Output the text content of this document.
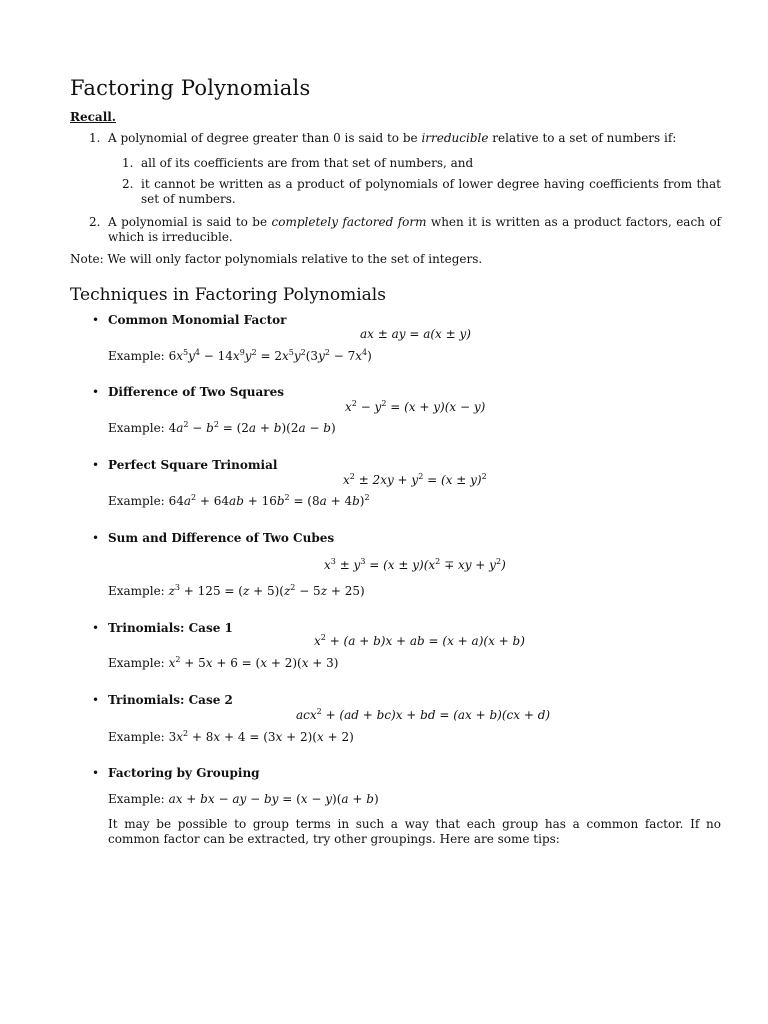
Factoring Polynomials
Recall.
1. A polynomial of degree greater than 0 is said to be irreducible relative to a set of numbers if:
1. all of its coefficients are from that set of numbers, and
2. it cannot be written as a product of polynomials of lower degree having coefficients from that set of numbers.
2. A polynomial is said to be completely factored form when it is written as a product factors, each of which is irreducible.
Note: We will only factor polynomials relative to the set of integers.
Techniques in Factoring Polynomials
• Common Monomial Factor
ax ± ay = a(x ± y)
Example: $6x^5y^4 - 14x^9y^2 = 2x^5y^2(3y^2 - 7x^4)$
• Difference of Two Squares
$x^2 - y^2 = (x + y)(x - y)$
Example: $4a^2 - b^2 = (2a + b)(2a - b)$
• Perfect Square Trinomial
$x^2 \pm 2xy + y^2 = (x \pm y)^2$
Example: $64a^2 + 64ab + 16b^2 = (8a + 4b)^2$
• Sum and Difference of Two Cubes
$x^3 \pm y^3 = (x \pm y)(x^2$ ∓ xy + $y^2$)
Example: $z^3 + 125 = (z + 5)(z^2 - 5z + 25)$
• Trinomials: Case 1
$x^2 + (a + b)x$ + ab = (x + a)(x + b)
Example: $x^2 + 5x + 6 = (x + 2)(x + 3)$
• Trinomials: Case 2
acx$^2$ + (ad + bc)x + bd = (ax + b)(cx + d)
Example: $3x^2 + 8x + 4 = (3x + 2)(x + 2)$
• Factoring by Grouping
Example: ax + bx − ay − by = (x − y)(a + b)
It may be possible to group terms in such a way that each group has a common factor. If no common factor can be extracted, try other groupings. Here are some tips:
